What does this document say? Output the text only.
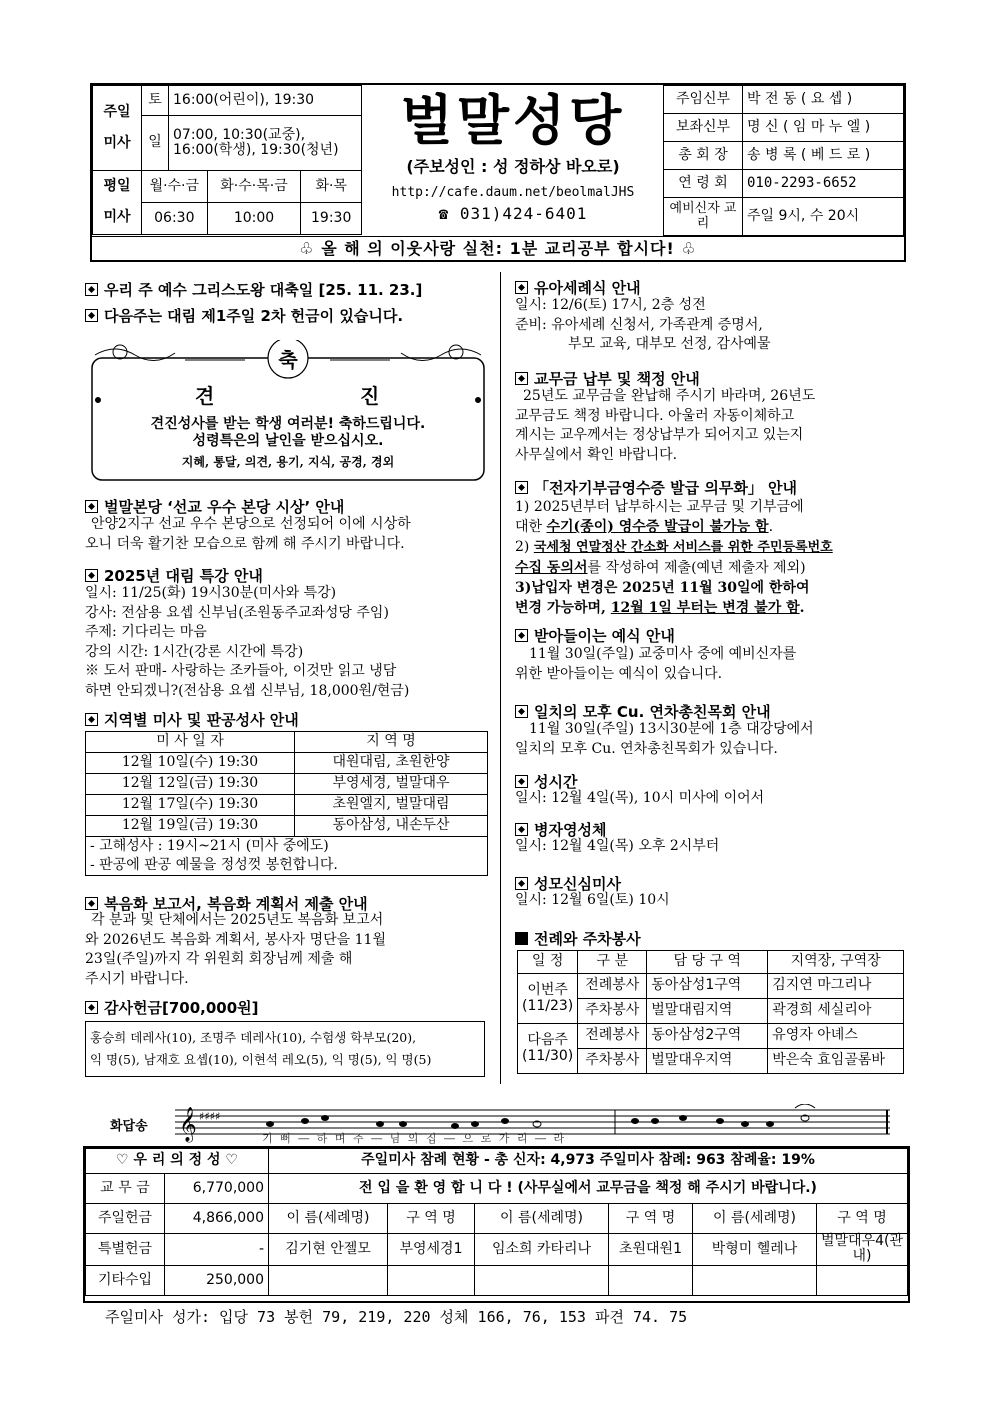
주일

미사	토	16:00(어린이), 19:30		
	일	07:00, 10:30(교중),
16:00(학생), 19:30(청년)		
평일

미사	월·수·금		화·수·목·금	화·목
	06:30		10:00	19:30
벌말성당
(주보성인 : 성 정하상 바오로)
http://cafe.daum.net/beolmalJHS
☎ 031)424-6401
주임신부	박 전 동 ( 요 셉 )
보좌신부	명 신 ( 임 마 누 엘 )
총 회 장	송 병 록 ( 베 드 로 )
연 령 회	010-2293-6652
예비신자 교 리	주일 9시, 수 20시
♧ 올 해 의 이웃사랑 실천: 1분 교리공부 합시다! ♧
우리 주 예수 그리스도왕 대축일 [25. 11. 23.]
다음주는 대림 제1주일 2차 헌금이 있습니다.
축
견	진
견진성사를 받는 학생 여러분! 축하드립니다.
성령특은의 날인을 받으십시오.
지혜, 통달, 의견, 용기, 지식, 공경, 경외
벌말본당 ‘선교 우수 본당 시상’ 안내
안양2지구 선교 우수 본당으로 선정되어 이에 시상하
오니 더욱 활기찬 모습으로 함께 해 주시기 바랍니다.
2025년 대림 특강 안내
일시: 11/25(화) 19시30분(미사와 특강)
강사: 전삼용 요셉 신부님(조원동주교좌성당 주임)
주제: 기다리는 마음
강의 시간: 1시간(강론 시간에 특강)
※ 도서 판매- 사랑하는 조카들아, 이것만 읽고 냉담
하면 안되겠니?(전삼용 요셉 신부님, 18,000원/현금)
지역별 미사 및 판공성사 안내
미 사 일 자	지 역 명
12월 10일(수) 19:30	대원대림, 초원한양
12월 12일(금) 19:30	부영세경, 벌말대우
12월 17일(수) 19:30	초원엘지, 벌말대림
12월 19일(금) 19:30	동아삼성, 내손두산

- 고해성사 : 19시~21시 (미사 중에도)
- 판공에 판공 예물을 정성껏 봉헌합니다.	
복음화 보고서, 복음화 계획서 제출 안내
각 분과 및 단체에서는 2025년도 복음화 보고서
와 2026년도 복음화 계획서, 봉사자 명단을 11월
23일(주일)까지 각 위원회 회장님께 제출 해
주시기 바랍니다.
감사헌금[700,000원]
홍승희 데레사(10), 조명주 데레사(10), 수험생 학부모(20),
익 명(5), 남재호 요셉(10), 이현석 레오(5), 익 명(5), 익 명(5)
유아세례식 안내
일시: 12/6(토) 17시, 2층 성전
준비: 유아세례 신청서, 가족관계 증명서,
부모 교육, 대부모 선정, 감사예물
교무금 납부 및 책정 안내
25년도 교무금을 완납해 주시기 바라며, 26년도
교무금도 책정 바랍니다. 아울러 자동이체하고
계시는 교우께서는 정상납부가 되어지고 있는지
사무실에서 확인 바랍니다.
「전자기부금영수증 발급 의무화」 안내
1) 2025년부터 납부하시는 교무금 및 기부금에
대한 수기(종이) 영수증 발급이 불가능 함.
2) 국세청 연말정산 간소화 서비스를 위한 주민등록번호
수집 동의서를 작성하여 제출(예년 제출자 제외)
3)납입자 변경은 2025년 11월 30일에 한하여
변경 가능하며, 12월 1일 부터는 변경 불가 함.
받아들이는 예식 안내
11월 30일(주일) 교중미사 중에 예비신자를
위한 받아들이는 예식이 있습니다.
일치의 모후 Cu. 연차총친목회 안내
11월 30일(주일) 13시30분에 1층 대강당에서
일치의 모후 Cu. 연차총친목회가 있습니다.
성시간
일시: 12월 4일(목), 10시 미사에 이어서
병자영성체
일시: 12월 4일(목) 오후 2시부터
성모신심미사
일시: 12월 6일(토) 10시
전례와 주차봉사
일 정	구 분	담 당 구 역	지역장, 구역장
이번주 (11/23)	전례봉사	동아삼성1구역	김지연 마그리나
	주차봉사	벌말대림지역	곽경희 세실리아
다음주 (11/30)	전례봉사	동아삼성2구역	유영자 아녜스
	주차봉사	벌말대우지역	박은숙 효임골롬바
화답송 𝄞 ♯♯♯♯
기 뻐 ― 하 며 주 ― 님 의 집 ― 으 로 가 리 ― 라
♡ 우 리 의 정 성 ♡		주일미사 참례 현황 - 총 신자: 4,973 주일미사 참례: 963 참례율: 19%					
교 무 금	6,770,000	전 입 을 환 영 합 니 다 ! (사무실에서 교무금을 책정 해 주시기 바랍니다.)					
주일헌금	4,866,000	이 름(세례명)	구 역 명	이 름(세례명)	구 역 명	이 름(세례명)	구 역 명
특별헌금	-	김기현 안젤모	부영세경1	임소희 카타리나	초원대원1	박형미 헬레나	벌말대우4(관내)
기타수입	250,000						
주일미사 성가: 입당 73 봉헌 79, 219, 220 성체 166, 76, 153 파견 74. 75
